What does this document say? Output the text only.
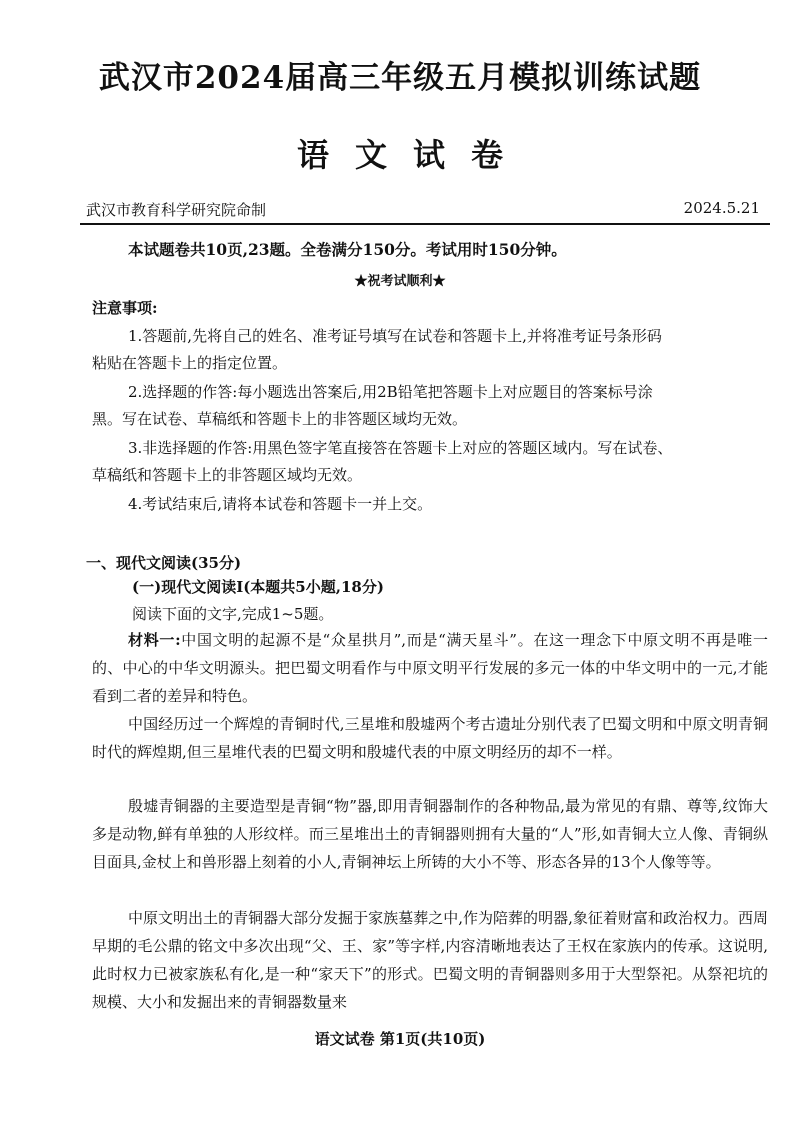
武汉市2024届高三年级五月模拟训练试题
语文试卷
武汉市教育科学研究院命制	2024.5.21
本试题卷共10页,23题。全卷满分150分。考试用时150分钟。
★祝考试顺利★
注意事项:
1.答题前,先将自己的姓名、准考证号填写在试卷和答题卡上,并将准考证号条形码
粘贴在答题卡上的指定位置。
2.选择题的作答:每小题选出答案后,用2B铅笔把答题卡上对应题目的答案标号涂
黑。写在试卷、草稿纸和答题卡上的非答题区域均无效。
3.非选择题的作答:用黑色签字笔直接答在答题卡上对应的答题区域内。写在试卷、
草稿纸和答题卡上的非答题区域均无效。
4.考试结束后,请将本试卷和答题卡一并上交。
一、现代文阅读(35分)
(一)现代文阅读Ⅰ(本题共5小题,18分)
阅读下面的文字,完成1~5题。
材料一:中国文明的起源不是“众星拱月”,而是“满天星斗”。在这一理念下中原文明不再是唯一的、中心的中华文明源头。把巴蜀文明看作与中原文明平行发展的多元一体的中华文明中的一元,才能看到二者的差异和特色。
中国经历过一个辉煌的青铜时代,三星堆和殷墟两个考古遗址分别代表了巴蜀文明和中原文明青铜时代的辉煌期,但三星堆代表的巴蜀文明和殷墟代表的中原文明经历的却不一样。
殷墟青铜器的主要造型是青铜“物”器,即用青铜器制作的各种物品,最为常见的有鼎、尊等,纹饰大多是动物,鲜有单独的人形纹样。而三星堆出土的青铜器则拥有大量的“人”形,如青铜大立人像、青铜纵目面具,金杖上和兽形器上刻着的小人,青铜神坛上所铸的大小不等、形态各异的13个人像等等。
中原文明出土的青铜器大部分发掘于家族墓葬之中,作为陪葬的明器,象征着财富和政治权力。西周早期的毛公鼎的铭文中多次出现“父、王、家”等字样,内容清晰地表达了王权在家族内的传承。这说明,此时权力已被家族私有化,是一种“家天下”的形式。巴蜀文明的青铜器则多用于大型祭祀。从祭祀坑的规模、大小和发掘出来的青铜器数量来
语文试卷 第1页(共10页)
